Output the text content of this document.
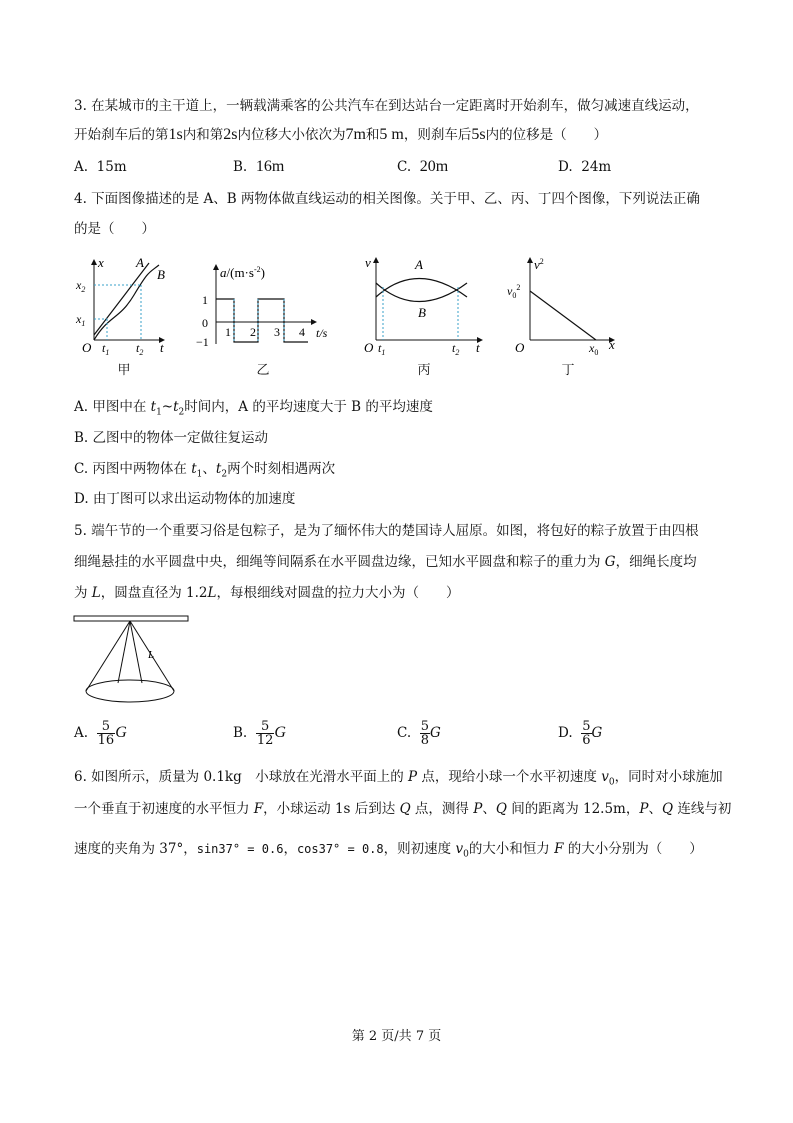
3. 在某城市的主干道上，一辆载满乘客的公共汽车在到达站台一定距离时开始刹车，做匀减速直线运动，
开始刹车后的第1s内和第2s内位移大小依次为7m和5 m，则刹车后5s内的位移是（　　）
A. 15m	B. 16m	C. 20m	D. 24m
4. 下面图像描述的是 A、B 两物体做直线运动的相关图像。关于甲、乙、丙、丁四个图像，下列说法正确
的是（　　）
x A
B
$x_2$
$x_1$
O $t_1$ $t_2$ t
甲
$a/(m\cdot s^{-2})$
1
0
−1
1 2 3 4 t/s
乙
v	A
B
O $t_1$	$t_2$ t
丙
$v^2$
$v_0^2$
O	$x_0$
x
丁
A. 甲图中在 $t_1\sim t_2$时间内，A 的平均速度大于 B 的平均速度
B. 乙图中的物体一定做往复运动
C. 丙图中两物体在 $t_1$、$t_2$两个时刻相遇两次
D. 由丁图可以求出运动物体的加速度
5. 端午节的一个重要习俗是包粽子，是为了缅怀伟大的楚国诗人屈原。如图，将包好的粽子放置于由四根
细绳悬挂的水平圆盘中央，细绳等间隔系在水平圆盘边缘，已知水平圆盘和粽子的重力为 G，细绳长度均
为 L，圆盘直径为 1.2L，每根细线对圆盘的拉力大小为（　　）
L
A. $\frac{5}{16}$ G	B. $\frac{5}{12}$ G	C. $\frac{5}{8}$ G	D. $\frac{5}{6}$ G
6. 如图所示，质量为 0.1kg　小球放在光滑水平面上的 P 点，现给小球一个水平初速度 $v_0$，同时对小球施加
一个垂直于初速度的水平恒力 F，小球运动 1s 后到达 Q 点，测得 P、Q 间的距离为 12.5m，P、Q 连线与初
速度的夹角为 37°，sin37° = 0.6，cos37° = 0.8，则初速度 $v_0$的大小和恒力 F 的大小分别为（　　）
第 2 页/共 7 页
